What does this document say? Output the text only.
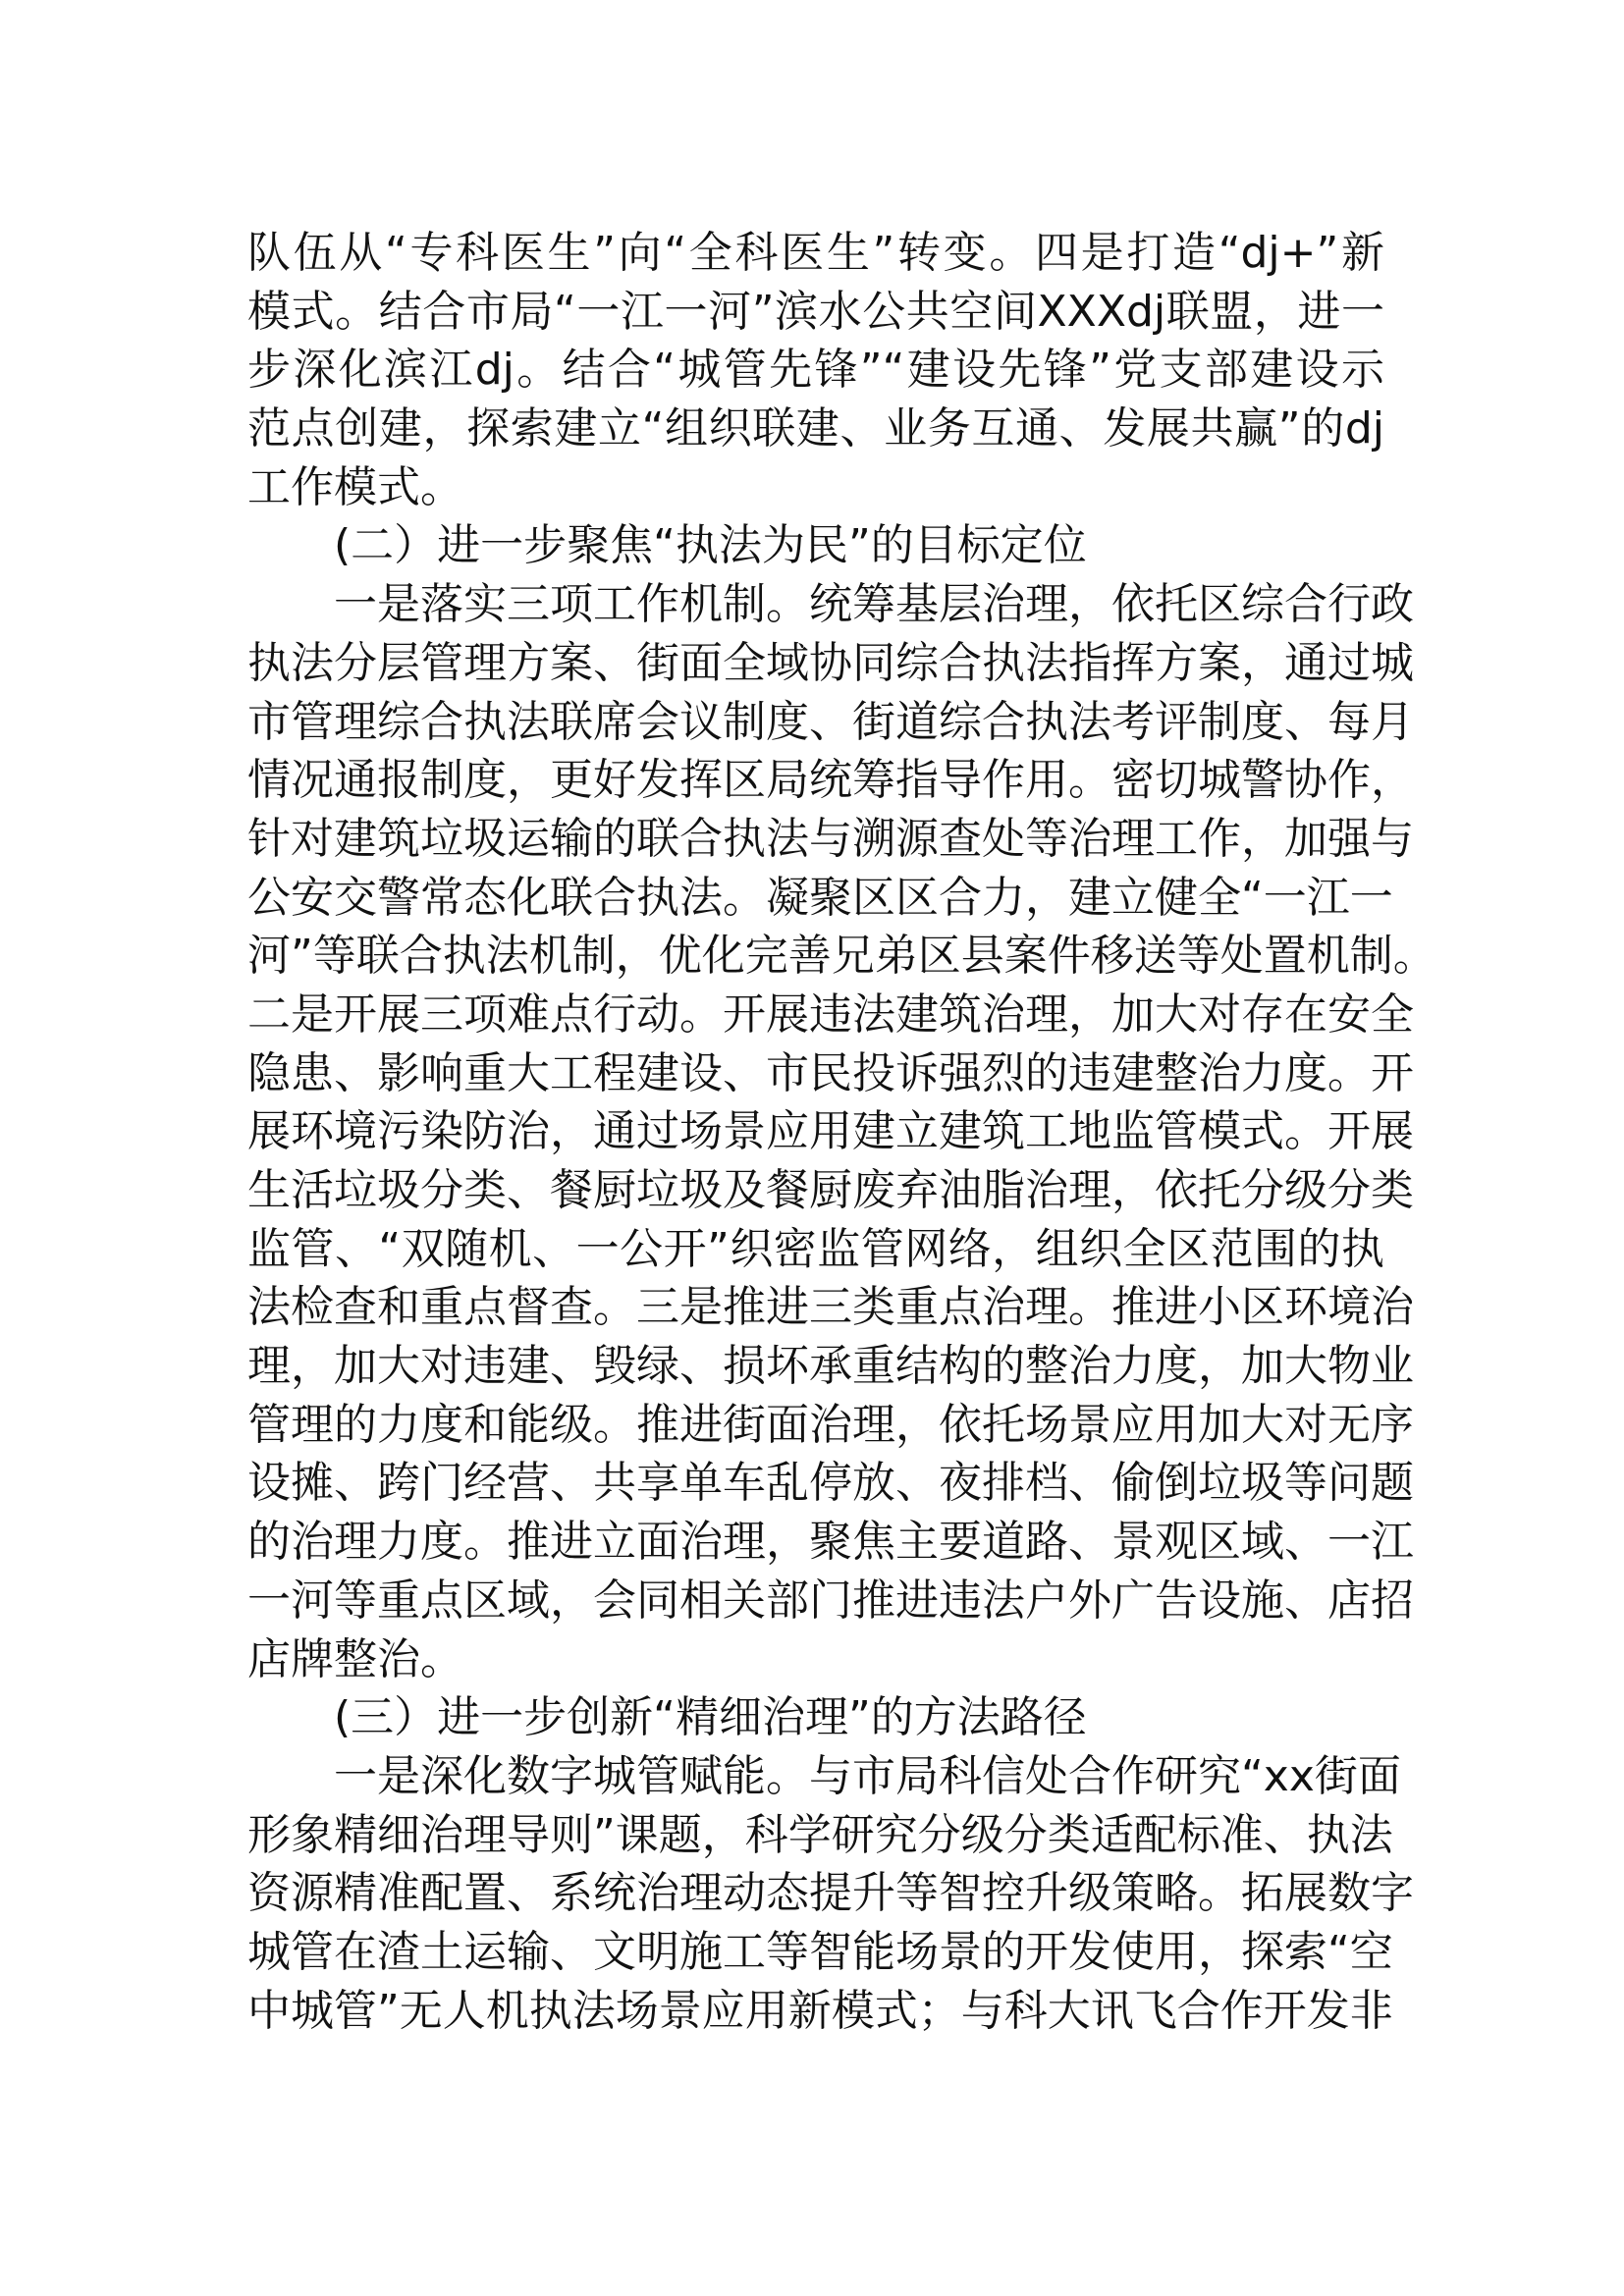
队伍从“专科医生”向“全科医生”转变。四是打造“dj+”新
模式。结合市局“一江一河”滨水公共空间XXXdj联盟，进一
步深化滨江dj。结合“城管先锋”“建设先锋”党支部建设示
范点创建，探索建立“组织联建、业务互通、发展共赢”的dj
工作模式。
(二）进一步聚焦“执法为民”的目标定位
一是落实三项工作机制。统筹基层治理，依托区综合行政
执法分层管理方案、街面全域协同综合执法指挥方案，通过城
市管理综合执法联席会议制度、街道综合执法考评制度、每月
情况通报制度，更好发挥区局统筹指导作用。密切城警协作，
针对建筑垃圾运输的联合执法与溯源查处等治理工作，加强与
公安交警常态化联合执法。凝聚区区合力，建立健全“一江一
河”等联合执法机制，优化完善兄弟区县案件移送等处置机制。
二是开展三项难点行动。开展违法建筑治理，加大对存在安全
隐患、影响重大工程建设、市民投诉强烈的违建整治力度。开
展环境污染防治，通过场景应用建立建筑工地监管模式。开展
生活垃圾分类、餐厨垃圾及餐厨废弃油脂治理，依托分级分类
监管、“双随机、一公开”织密监管网络，组织全区范围的执
法检查和重点督查。三是推进三类重点治理。推进小区环境治
理，加大对违建、毁绿、损坏承重结构的整治力度，加大物业
管理的力度和能级。推进街面治理，依托场景应用加大对无序
设摊、跨门经营、共享单车乱停放、夜排档、偷倒垃圾等问题
的治理力度。推进立面治理，聚焦主要道路、景观区域、一江
一河等重点区域，会同相关部门推进违法户外广告设施、店招
店牌整治。
(三）进一步创新“精细治理”的方法路径
一是深化数字城管赋能。与市局科信处合作研究“xx街面
形象精细治理导则”课题，科学研究分级分类适配标准、执法
资源精准配置、系统治理动态提升等智控升级策略。拓展数字
城管在渣土运输、文明施工等智能场景的开发使用，探索“空
中城管”无人机执法场景应用新模式；与科大讯飞合作开发非
